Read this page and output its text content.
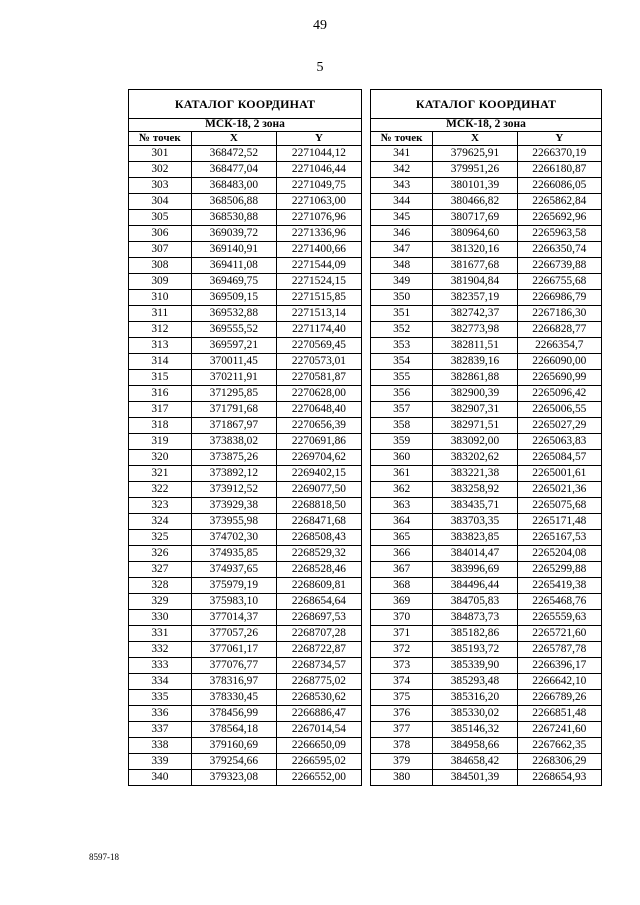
49
5
КАТАЛОГ КООРДИНАТ		
МСК-18, 2 зона		
№ точек	X	Y
301	368472,52	2271044,12
302	368477,04	2271046,44
303	368483,00	2271049,75
304	368506,88	2271063,00
305	368530,88	2271076,96
306	369039,72	2271336,96
307	369140,91	2271400,66
308	369411,08	2271544,09
309	369469,75	2271524,15
310	369509,15	2271515,85
311	369532,88	2271513,14
312	369555,52	2271174,40
313	369597,21	2270569,45
314	370011,45	2270573,01
315	370211,91	2270581,87
316	371295,85	2270628,00
317	371791,68	2270648,40
318	371867,97	2270656,39
319	373838,02	2270691,86
320	373875,26	2269704,62
321	373892,12	2269402,15
322	373912,52	2269077,50
323	373929,38	2268818,50
324	373955,98	2268471,68
325	374702,30	2268508,43
326	374935,85	2268529,32
327	374937,65	2268528,46
328	375979,19	2268609,81
329	375983,10	2268654,64
330	377014,37	2268697,53
331	377057,26	2268707,28
332	377061,17	2268722,87
333	377076,77	2268734,57
334	378316,97	2268775,02
335	378330,45	2268530,62
336	378456,99	2266886,47
337	378564,18	2267014,54
338	379160,69	2266650,09
339	379254,66	2266595,02
340	379323,08	2266552,00
КАТАЛОГ КООРДИНАТ		
МСК-18, 2 зона		
№ точек	X	Y
341	379625,91	2266370,19
342	379951,26	2266180,87
343	380101,39	2266086,05
344	380466,82	2265862,84
345	380717,69	2265692,96
346	380964,60	2265963,58
347	381320,16	2266350,74
348	381677,68	2266739,88
349	381904,84	2266755,68
350	382357,19	2266986,79
351	382742,37	2267186,30
352	382773,98	2266828,77
353	382811,51	2266354,7
354	382839,16	2266090,00
355	382861,88	2265690,99
356	382900,39	2265096,42
357	382907,31	2265006,55
358	382971,51	2265027,29
359	383092,00	2265063,83
360	383202,62	2265084,57
361	383221,38	2265001,61
362	383258,92	2265021,36
363	383435,71	2265075,68
364	383703,35	2265171,48
365	383823,85	2265167,53
366	384014,47	2265204,08
367	383996,69	2265299,88
368	384496,44	2265419,38
369	384705,83	2265468,76
370	384873,73	2265559,63
371	385182,86	2265721,60
372	385193,72	2265787,78
373	385339,90	2266396,17
374	385293,48	2266642,10
375	385316,20	2266789,26
376	385330,02	2266851,48
377	385146,32	2267241,60
378	384958,66	2267662,35
379	384658,42	2268306,29
380	384501,39	2268654,93
8597-18
